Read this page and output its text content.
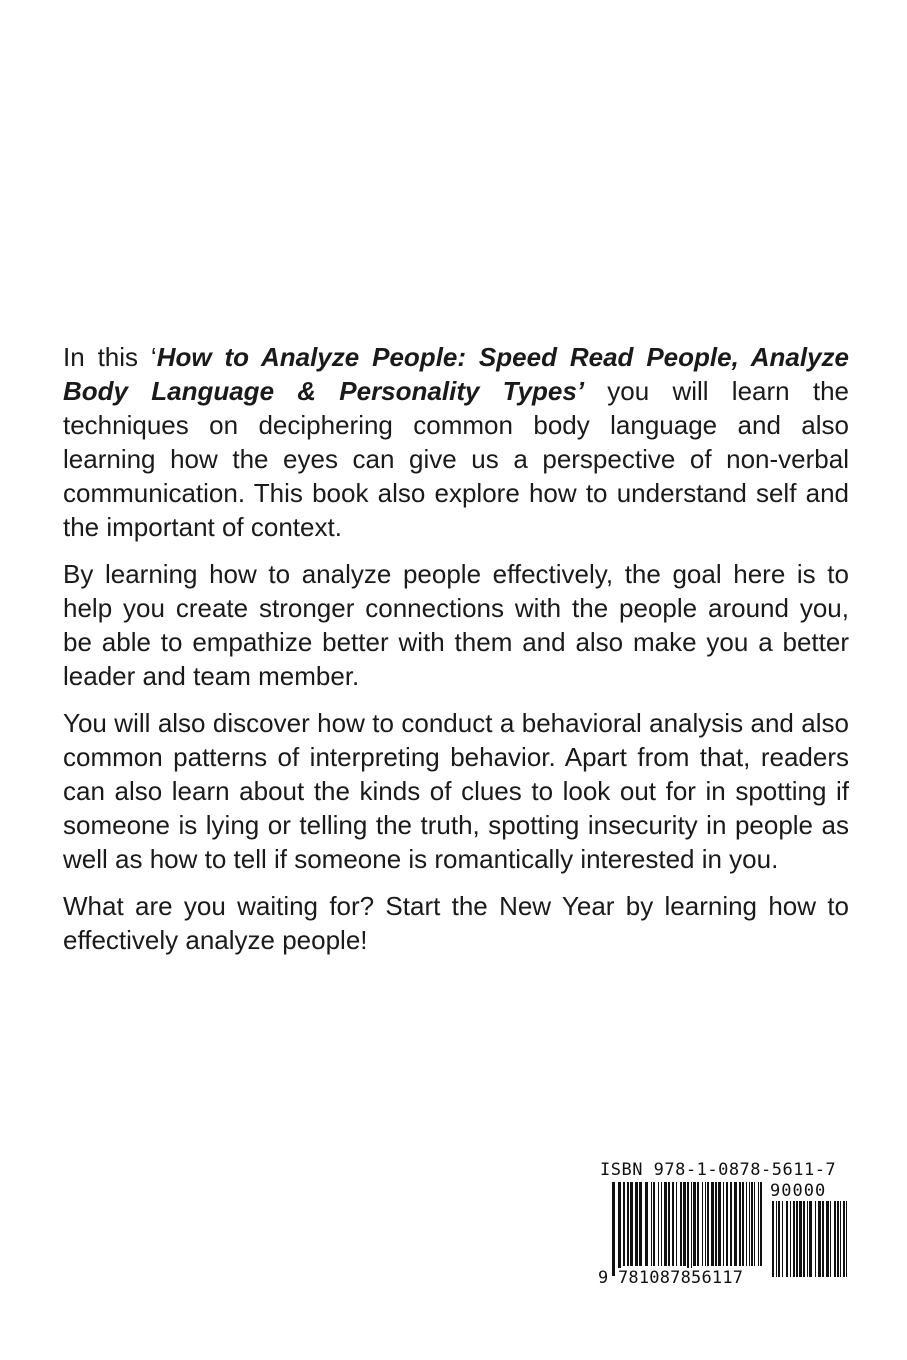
In this ‘How to Analyze People: Speed Read People, Analyze Body Language & Personality Types’ you will learn the techniques on deciphering common body language and also learning how the eyes can give us a perspective of non-verbal communication. This book also explore how to understand self and the important of context.

By learning how to analyze people effectively, the goal here is to help you create stronger connections with the people around you, be able to empathize better with them and also make you a better leader and team member.

You will also discover how to conduct a behavioral analysis and also common patterns of interpreting behavior. Apart from that, readers can also learn about the kinds of clues to look out for in spotting if someone is lying or telling the truth, spotting insecurity in people as well as how to tell if someone is romantically interested in you.

What are you waiting for? Start the New Year by learning how to effectively analyze people!

ISBN 978-1-0878-5611-7
90000
9 781087856117
